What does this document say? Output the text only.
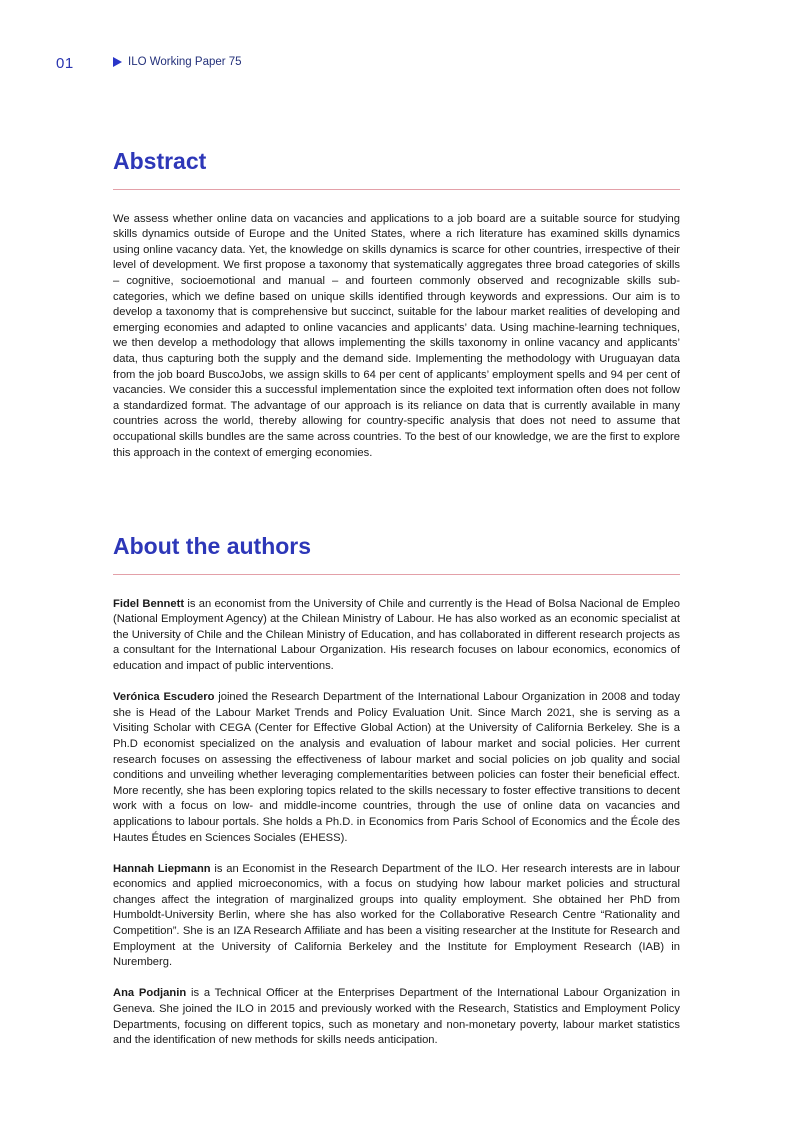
01	ILO Working Paper 75
Abstract

We assess whether online data on vacancies and applications to a job board are a suitable source for studying skills dynamics outside of Europe and the United States, where a rich literature has examined skills dynamics using online vacancy data. Yet, the knowledge on skills dynamics is scarce for other countries, irrespective of their level of development. We first propose a taxonomy that systematically aggregates three broad categories of skills – cognitive, socioemotional and manual – and fourteen commonly observed and recognizable skills sub-categories, which we define based on unique skills identified through keywords and expressions. Our aim is to develop a taxonomy that is comprehensive but succinct, suitable for the labour market realities of developing and emerging economies and adapted to online vacancies and applicants’ data. Using machine-learning techniques, we then develop a methodology that allows implementing the skills taxonomy in online vacancy and applicants’ data, thus capturing both the supply and the demand side. Implementing the methodology with Uruguayan data from the job board BuscoJobs, we assign skills to 64 per cent of applicants’ employment spells and 94 per cent of vacancies. We consider this a successful implementation since the exploited text information often does not follow a standardized format. The advantage of our approach is its reliance on data that is currently available in many countries across the world, thereby allowing for country-specific analysis that does not need to assume that occupational skills bundles are the same across countries. To the best of our knowledge, we are the first to explore this approach in the context of emerging economies.

About the authors

Fidel Bennett is an economist from the University of Chile and currently is the Head of Bolsa Nacional de Empleo (National Employment Agency) at the Chilean Ministry of Labour. He has also worked as an economic specialist at the University of Chile and the Chilean Ministry of Education, and has collaborated in different research projects as a consultant for the International Labour Organization. His research focuses on labour economics, economics of education and impact of public interventions.

Verónica Escudero joined the Research Department of the International Labour Organization in 2008 and today she is Head of the Labour Market Trends and Policy Evaluation Unit. Since March 2021, she is serving as a Visiting Scholar with CEGA (Center for Effective Global Action) at the University of California Berkeley. She is a Ph.D economist specialized on the analysis and evaluation of labour market and social policies. Her current research focuses on assessing the effectiveness of labour market and social policies on job quality and social conditions and unveiling whether leveraging complementarities between policies can foster their beneficial effect. More recently, she has been exploring topics related to the skills necessary to foster effective transitions to decent work with a focus on low- and middle-income countries, through the use of online data on vacancies and applications to labour portals. She holds a Ph.D. in Economics from Paris School of Economics and the École des Hautes Études en Sciences Sociales (EHESS).

Hannah Liepmann is an Economist in the Research Department of the ILO. Her research interests are in labour economics and applied microeconomics, with a focus on studying how labour market policies and structural changes affect the integration of marginalized groups into quality employment. She obtained her PhD from Humboldt-University Berlin, where she has also worked for the Collaborative Research Centre “Rationality and Competition”. She is an IZA Research Affiliate and has been a visiting researcher at the Institute for Research and Employment at the University of California Berkeley and the Institute for Employment Research (IAB) in Nuremberg.

Ana Podjanin is a Technical Officer at the Enterprises Department of the International Labour Organization in Geneva. She joined the ILO in 2015 and previously worked with the Research, Statistics and Employment Policy Departments, focusing on different topics, such as monetary and non-monetary poverty, labour market statistics and the identification of new methods for skills needs anticipation.
